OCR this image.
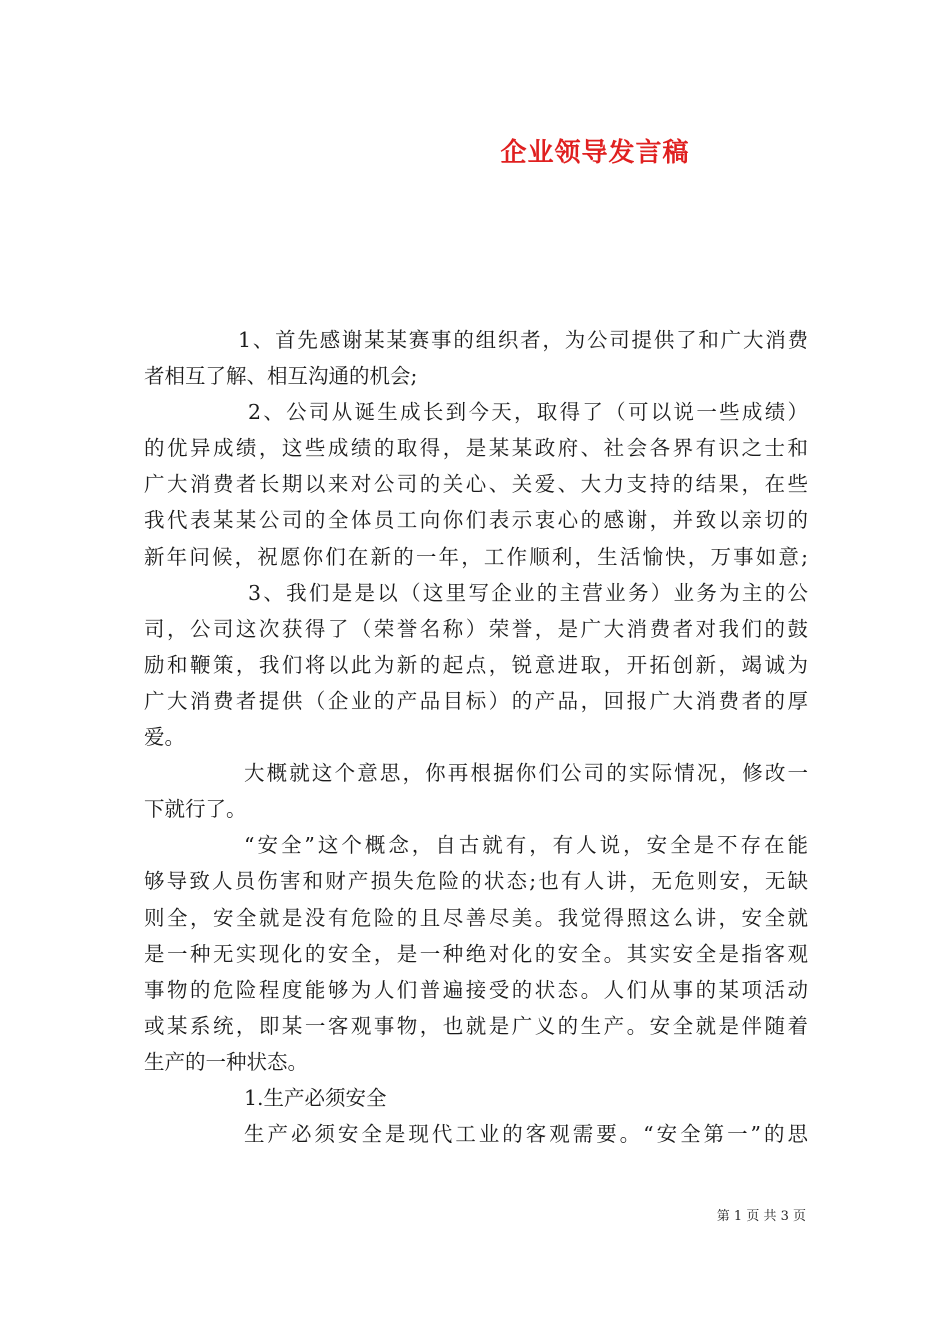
企业领导发言稿
1、首先感谢某某赛事的组织者，为公司提供了和广大消费
者相互了解、相互沟通的机会;
2、公司从诞生成长到今天，取得了（可以说一些成绩）
的优异成绩，这些成绩的取得，是某某政府、社会各界有识之士和
广大消费者长期以来对公司的关心、关爱、大力支持的结果，在些
我代表某某公司的全体员工向你们表示衷心的感谢，并致以亲切的
新年问候，祝愿你们在新的一年，工作顺利，生活愉快，万事如意;
3、我们是是以（这里写企业的主营业务）业务为主的公
司，公司这次获得了（荣誉名称）荣誉，是广大消费者对我们的鼓
励和鞭策，我们将以此为新的起点，锐意进取，开拓创新，竭诚为
广大消费者提供（企业的产品目标）的产品，回报广大消费者的厚
爱。
大概就这个意思，你再根据你们公司的实际情况，修改一
下就行了。
“安全”这个概念，自古就有，有人说，安全是不存在能
够导致人员伤害和财产损失危险的状态;也有人讲，无危则安，无缺
则全，安全就是没有危险的且尽善尽美。我觉得照这么讲，安全就
是一种无实现化的安全，是一种绝对化的安全。其实安全是指客观
事物的危险程度能够为人们普遍接受的状态。人们从事的某项活动
或某系统，即某一客观事物，也就是广义的生产。安全就是伴随着
生产的一种状态。
1.生产必须安全
生产必须安全是现代工业的客观需要。“安全第一”的思
第 1 页 共 3 页
